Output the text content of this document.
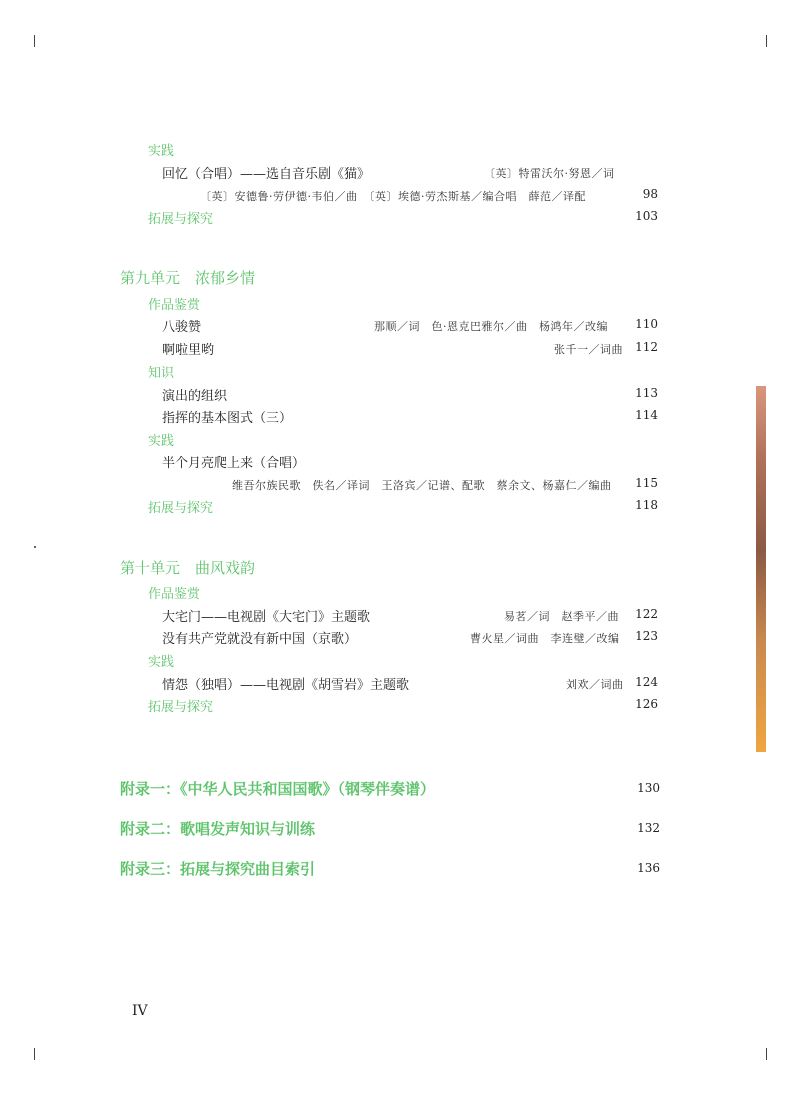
实践
回忆（合唱）——选自音乐剧《猫》	〔英〕特雷沃尔·努恩／词
〔英〕安德鲁·劳伊德·韦伯／曲　〔英〕埃德·劳杰斯基／编合唱　薛范／译配	98
拓展与探究	103
第九单元　浓郁乡情
作品鉴赏
八骏赞	那顺／词　色·恩克巴雅尔／曲　杨鸿年／改编	110
啊啦里哟	张千一／词曲	112
知识
演出的组织	113
指挥的基本图式（三）	114
实践
半个月亮爬上来（合唱）
维吾尔族民歌　佚名／译词　王洛宾／记谱、配歌　蔡余文、杨嘉仁／编曲	115
拓展与探究	118
第十单元　曲风戏韵
作品鉴赏
大宅门——电视剧《大宅门》主题歌	易茗／词　赵季平／曲	122
没有共产党就没有新中国（京歌）	曹火星／词曲　李连璧／改编	123
实践
情怨（独唱）——电视剧《胡雪岩》主题歌	刘欢／词曲 124
拓展与探究	126
附录一：《中华人民共和国国歌》（钢琴伴奏谱）	130
附录二：歌唱发声知识与训练	132
附录三：拓展与探究曲目索引	136
IV
